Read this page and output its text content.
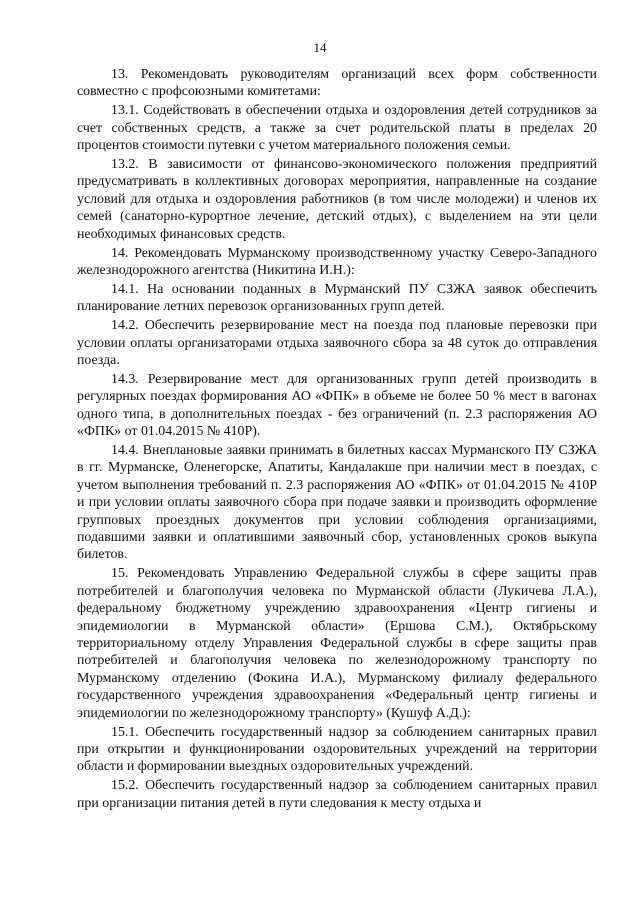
14

13. Рекомендовать руководителям организаций всех форм собственности совместно с профсоюзными комитетами:

13.1. Содействовать в обеспечении отдыха и оздоровления детей сотрудников за счет собственных средств, а также за счет родительской платы в пределах 20 процентов стоимости путевки с учетом материального положения семьи.

13.2. В зависимости от финансово-экономического положения предприятий предусматривать в коллективных договорах мероприятия, направленные на создание условий для отдыха и оздоровления работников (в том числе молодежи) и членов их семей (санаторно-курортное лечение, детский отдых), с выделением на эти цели необходимых финансовых средств.

14. Рекомендовать Мурманскому производственному участку Северо-Западного железнодорожного агентства (Никитина И.Н.):

14.1. На основании поданных в Мурманский ПУ СЗЖА заявок обеспечить планирование летних перевозок организованных групп детей.

14.2. Обеспечить резервирование мест на поезда под плановые перевозки при условии оплаты организаторами отдыха заявочного сбора за 48 суток до отправления поезда.

14.3. Резервирование мест для организованных групп детей производить в регулярных поездах формирования АО «ФПК» в объеме не более 50 % мест в вагонах одного типа, в дополнительных поездах - без ограничений (п. 2.3 распоряжения АО «ФПК» от 01.04.2015 № 410Р).

14.4. Внеплановые заявки принимать в билетных кассах Мурманского ПУ СЗЖА в гг. Мурманске, Оленегорске, Апатиты, Кандалакше при наличии мест в поездах, с учетом выполнения требований п. 2.3 распоряжения АО «ФПК» от 01.04.2015 № 410Р и при условии оплаты заявочного сбора при подаче заявки и производить оформление групповых проездных документов при условии соблюдения организациями, подавшими заявки и оплатившими заявочный сбор, установленных сроков выкупа билетов.

15. Рекомендовать Управлению Федеральной службы в сфере защиты прав потребителей и благополучия человека по Мурманской области (Лукичева Л.А.), федеральному бюджетному учреждению здравоохранения «Центр гигиены и эпидемиологии в Мурманской области» (Ершова С.М.), Октябрьскому территориальному отделу Управления Федеральной службы в сфере защиты прав потребителей и благополучия человека по железнодорожному транспорту по Мурманскому отделению (Фокина И.А.), Мурманскому филиалу федерального государственного учреждения здравоохранения «Федеральный центр гигиены и эпидемиологии по железнодорожному транспорту» (Кушуф А.Д.):

15.1. Обеспечить государственный надзор за соблюдением санитарных правил при открытии и функционировании оздоровительных учреждений на территории области и формировании выездных оздоровительных учреждений.

15.2. Обеспечить государственный надзор за соблюдением санитарных правил при организации питания детей в пути следования к месту отдыха и
